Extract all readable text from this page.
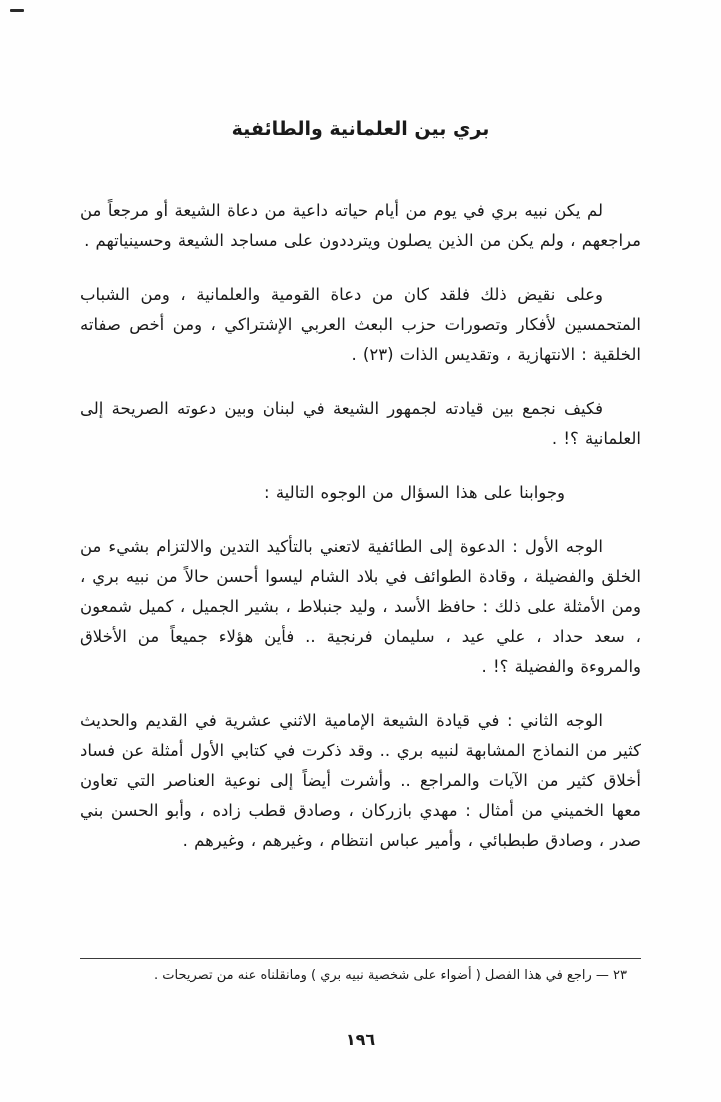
بري بين العلمانية والطائفية

لم يكن نبيه بري في يوم من أيام حياته داعية من دعاة الشيعة أو مرجعاً من مراجعهم ، ولم يكن من الذين يصلون ويترددون على مساجد الشيعة وحسينياتهم .

وعلى نقيض ذلك فلقد كان من دعاة القومية والعلمانية ، ومن الشباب المتحمسين لأفكار وتصورات حزب البعث العربي الإشتراكي ، ومن أخص صفاته الخلقية : الانتهازية ، وتقديس الذات (٢٣) .

فكيف نجمع بين قيادته لجمهور الشيعة في لبنان وبين دعوته الصريحة إلى العلمانية ؟! .

وجوابنا على هذا السؤال من الوجوه التالية :

الوجه الأول : الدعوة إلى الطائفية لاتعني بالتأكيد التدين والالتزام بشيء من الخلق والفضيلة ، وقادة الطوائف في بلاد الشام ليسوا أحسن حالاً من نبيه بري ، ومن الأمثلة على ذلك : حافظ الأسد ، وليد جنبلاط ، بشير الجميل ، كميل شمعون ، سعد حداد ، علي عيد ، سليمان فرنجية .. فأين هؤلاء جميعاً من الأخلاق والمروءة والفضيلة ؟! .

الوجه الثاني : في قيادة الشيعة الإمامية الاثني عشرية في القديم والحديث كثير من النماذج المشابهة لنبيه بري .. وقد ذكرت في كتابي الأول أمثلة عن فساد أخلاق كثير من الآيات والمراجع .. وأشرت أيضاً إلى نوعية العناصر التي تعاون معها الخميني من أمثال : مهدي بازركان ، وصادق قطب زاده ، وأبو الحسن بني صدر ، وصادق طبطبائي ، وأمير عباس انتظام ، وغيرهم ، وغيرهم .

٢٣ — راجع في هذا الفصل ( أضواء على شخصية نبيه بري ) ومانقلناه عنه من تصريحات .

١٩٦
